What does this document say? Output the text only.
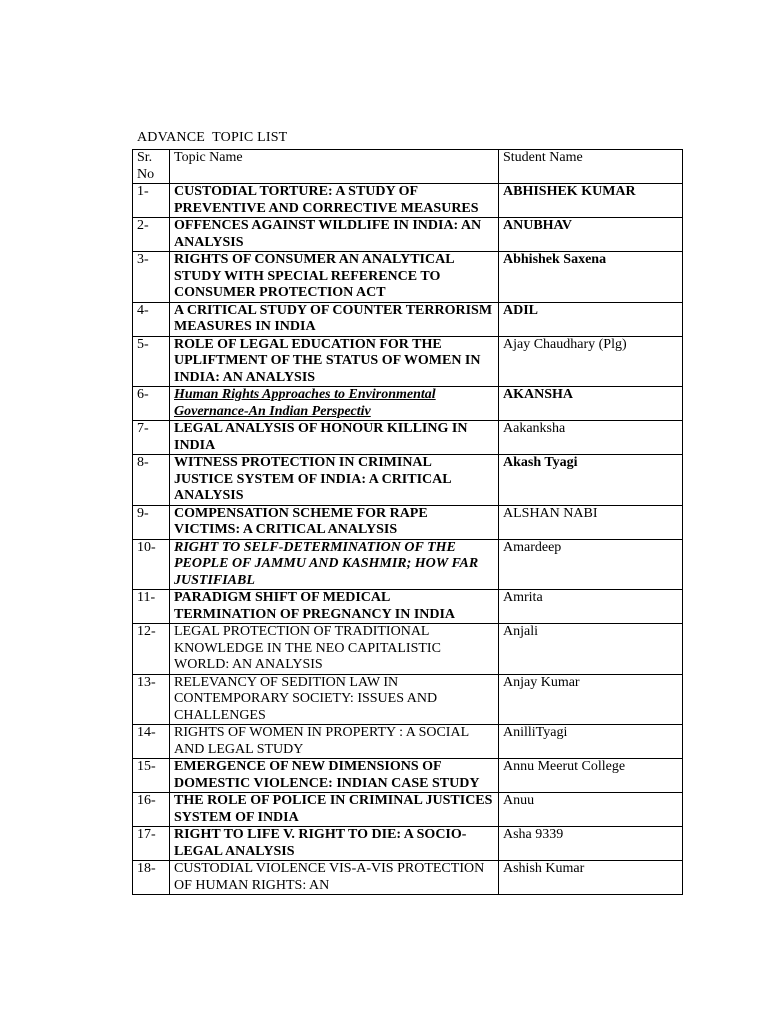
ADVANCE  TOPIC LIST
Sr.
No	Topic Name	Student Name
1-	CUSTODIAL TORTURE: A STUDY OF PREVENTIVE AND CORRECTIVE MEASURES	ABHISHEK KUMAR
2-	OFFENCES AGAINST WILDLIFE IN INDIA: AN ANALYSIS	ANUBHAV
3-	RIGHTS OF CONSUMER AN ANALYTICAL STUDY WITH SPECIAL REFERENCE TO CONSUMER PROTECTION ACT	Abhishek Saxena
4-	A CRITICAL STUDY OF COUNTER TERRORISM MEASURES IN INDIA	ADIL
5-	ROLE OF LEGAL EDUCATION FOR THE UPLIFTMENT OF THE STATUS OF WOMEN IN INDIA: AN ANALYSIS	Ajay Chaudhary (Plg)
6-	Human Rights Approaches to Environmental Governance-An Indian Perspectiv	AKANSHA
7-	LEGAL ANALYSIS OF HONOUR KILLING IN INDIA	Aakanksha
8-	WITNESS PROTECTION IN CRIMINAL JUSTICE SYSTEM OF INDIA: A CRITICAL ANALYSIS	Akash Tyagi
9-	COMPENSATION SCHEME FOR RAPE VICTIMS: A CRITICAL ANALYSIS	ALSHAN NABI
10-	RIGHT TO SELF-DETERMINATION OF THE PEOPLE OF JAMMU AND KASHMIR; HOW FAR JUSTIFIABL	Amardeep
11-	PARADIGM SHIFT OF MEDICAL TERMINATION OF PREGNANCY IN INDIA	Amrita
12-	LEGAL PROTECTION OF TRADITIONAL KNOWLEDGE IN THE NEO CAPITALISTIC WORLD: AN ANALYSIS	Anjali
13-	RELEVANCY OF SEDITION LAW IN CONTEMPORARY SOCIETY: ISSUES AND CHALLENGES	Anjay Kumar
14-	RIGHTS OF WOMEN IN PROPERTY : A SOCIAL AND LEGAL STUDY	AnilliTyagi
15-	EMERGENCE OF NEW DIMENSIONS OF DOMESTIC VIOLENCE: INDIAN CASE STUDY	Annu Meerut College
16-	THE ROLE OF POLICE IN CRIMINAL JUSTICES SYSTEM OF INDIA	Anuu
17-	RIGHT TO LIFE V. RIGHT TO DIE: A SOCIO-LEGAL ANALYSIS	Asha 9339
18-	CUSTODIAL VIOLENCE VIS-A-VIS PROTECTION OF HUMAN RIGHTS: AN	Ashish Kumar
